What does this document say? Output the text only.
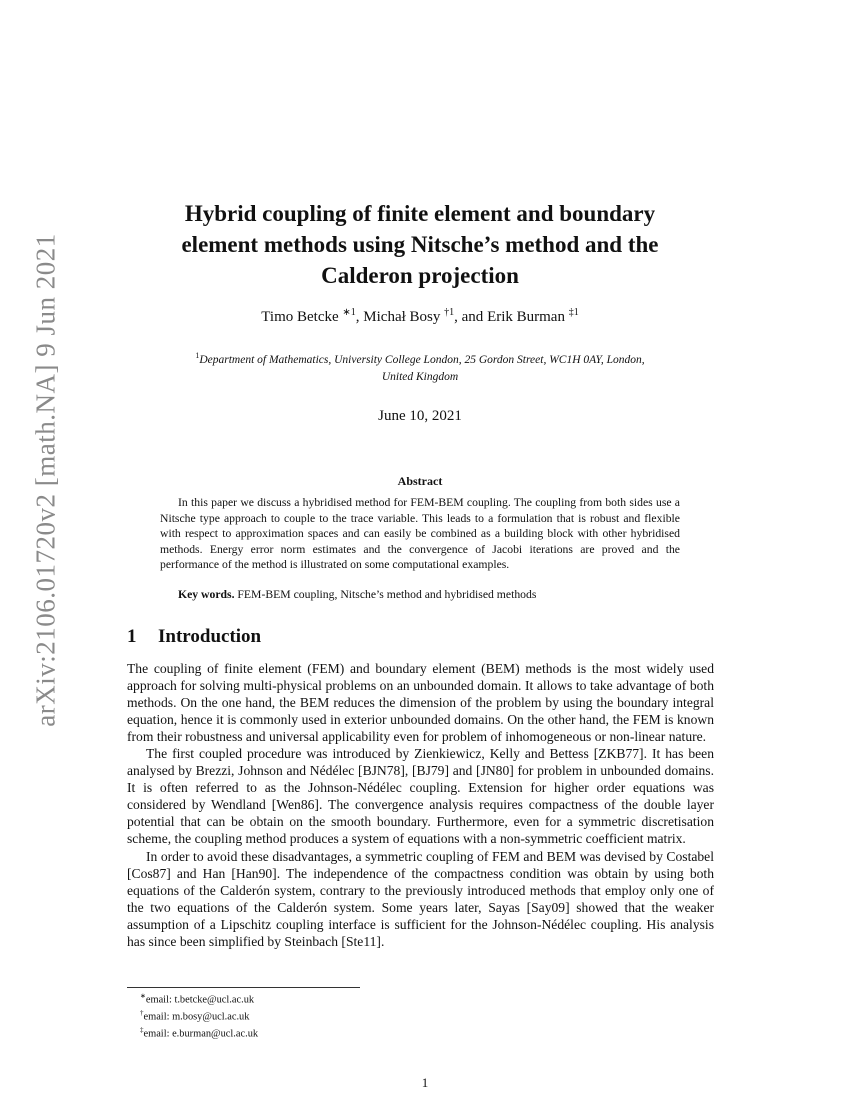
arXiv:2106.01720v2 [math.NA] 9 Jun 2021
Hybrid coupling of finite element and boundary
element methods using Nitsche’s method and the
Calderon projection
Timo Betcke $^{∗1}$, Michał Bosy $^{\dagger 1}$, and Erik Burman $^{\ddagger 1}$
$^1$Department of Mathematics, University College London, 25 Gordon Street, WC1H 0AY, London,
United Kingdom
June 10, 2021
Abstract
In this paper we discuss a hybridised method for FEM-BEM coupling. The coupling from both sides use a Nitsche type approach to couple to the trace variable. This leads to a formulation that is robust and flexible with respect to approximation spaces and can easily be combined as a building block with other hybridised methods. Energy error norm estimates and the convergence of Jacobi iterations are proved and the performance of the method is illustrated on some computational examples.
Key words. FEM-BEM coupling, Nitsche’s method and hybridised methods
1 Introduction

The coupling of finite element (FEM) and boundary element (BEM) methods is the most widely used approach for solving multi-physical problems on an unbounded domain. It allows to take advantage of both methods. On the one hand, the BEM reduces the dimension of the problem by using the boundary integral equation, hence it is commonly used in exterior unbounded domains. On the other hand, the FEM is known from their robustness and universal applicability even for problem of inhomogeneous or non-linear nature.

The first coupled procedure was introduced by Zienkiewicz, Kelly and Bettess [ZKB77]. It has been analysed by Brezzi, Johnson and Nédélec [BJN78], [BJ79] and [JN80] for problem in unbounded domains. It is often referred to as the Johnson-Nédélec coupling. Extension for higher order equations was considered by Wendland [Wen86]. The convergence analysis requires compactness of the double layer potential that can be obtain on the smooth boundary. Furthermore, even for a symmetric discretisation scheme, the coupling method produces a system of equations with a non-symmetric coefficient matrix.

In order to avoid these disadvantages, a symmetric coupling of FEM and BEM was devised by Costabel [Cos87] and Han [Han90]. The independence of the compactness condition was obtain by using both equations of the Calderón system, contrary to the previously introduced methods that employ only one of the two equations of the Calderón system. Some years later, Sayas [Say09] showed that the weaker assumption of a Lipschitz coupling interface is sufficient for the Johnson-Nédélec coupling. His analysis has since been simplified by Steinbach [Ste11].

∗email: t.betcke@ucl.ac.uk
†email: m.bosy@ucl.ac.uk
‡email: e.burman@ucl.ac.uk
1
